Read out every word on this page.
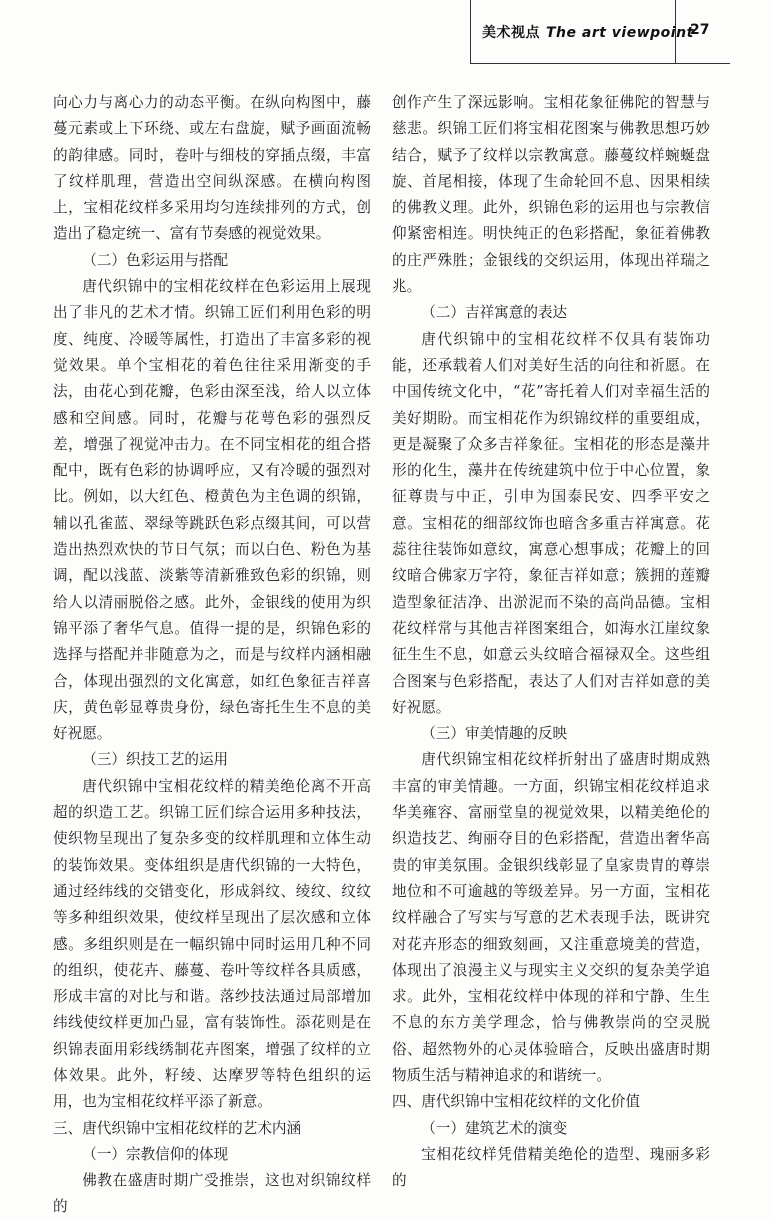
美术视点 The art viewpoint
27

向心力与离心力的动态平衡。在纵向构图中，藤蔓元素或上下环绕、或左右盘旋，赋予画面流畅的韵律感。同时，卷叶与细枝的穿插点缀，丰富了纹样肌理，营造出空间纵深感。在横向构图上，宝相花纹样多采用均匀连续排列的方式，创造出了稳定统一、富有节奏感的视觉效果。

（二）色彩运用与搭配

唐代织锦中的宝相花纹样在色彩运用上展现出了非凡的艺术才情。织锦工匠们利用色彩的明度、纯度、冷暖等属性，打造出了丰富多彩的视觉效果。单个宝相花的着色往往采用渐变的手法，由花心到花瓣，色彩由深至浅，给人以立体感和空间感。同时，花瓣与花萼色彩的强烈反差，增强了视觉冲击力。在不同宝相花的组合搭配中，既有色彩的协调呼应，又有冷暖的强烈对比。例如，以大红色、橙黄色为主色调的织锦，辅以孔雀蓝、翠绿等跳跃色彩点缀其间，可以营造出热烈欢快的节日气氛；而以白色、粉色为基调，配以浅蓝、淡紫等清新雅致色彩的织锦，则给人以清丽脱俗之感。此外，金银线的使用为织锦平添了奢华气息。值得一提的是，织锦色彩的选择与搭配并非随意为之，而是与纹样内涵相融合，体现出强烈的文化寓意，如红色象征吉祥喜庆，黄色彰显尊贵身份，绿色寄托生生不息的美好祝愿。

（三）织技工艺的运用

唐代织锦中宝相花纹样的精美绝伦离不开高超的织造工艺。织锦工匠们综合运用多种技法，使织物呈现出了复杂多变的纹样肌理和立体生动的装饰效果。变体组织是唐代织锦的一大特色，通过经纬线的交错变化，形成斜纹、绫纹、纹纹等多种组织效果，使纹样呈现出了层次感和立体感。多组织则是在一幅织锦中同时运用几种不同的组织，使花卉、藤蔓、卷叶等纹样各具质感，形成丰富的对比与和谐。落纱技法通过局部增加纬线使纹样更加凸显，富有装饰性。添花则是在织锦表面用彩线绣制花卉图案，增强了纹样的立体效果。此外，籽绫、达摩罗等特色组织的运用，也为宝相花纹样平添了新意。

三、唐代织锦中宝相花纹样的艺术内涵
（一）宗教信仰的体现

佛教在盛唐时期广受推崇，这也对织锦纹样的

创作产生了深远影响。宝相花象征佛陀的智慧与慈悲。织锦工匠们将宝相花图案与佛教思想巧妙结合，赋予了纹样以宗教寓意。藤蔓纹样蜿蜒盘旋、首尾相接，体现了生命轮回不息、因果相续的佛教义理。此外，织锦色彩的运用也与宗教信仰紧密相连。明快纯正的色彩搭配，象征着佛教的庄严殊胜；金银线的交织运用，体现出祥瑞之兆。

（二）吉祥寓意的表达

唐代织锦中的宝相花纹样不仅具有装饰功能，还承载着人们对美好生活的向往和祈愿。在中国传统文化中，“花”寄托着人们对幸福生活的美好期盼。而宝相花作为织锦纹样的重要组成，更是凝聚了众多吉祥象征。宝相花的形态是藻井形的化生，藻井在传统建筑中位于中心位置，象征尊贵与中正，引申为国泰民安、四季平安之意。宝相花的细部纹饰也暗含多重吉祥寓意。花蕊往往装饰如意纹，寓意心想事成；花瓣上的回纹暗合佛家万字符，象征吉祥如意；簇拥的莲瓣造型象征洁净、出淤泥而不染的高尚品德。宝相花纹样常与其他吉祥图案组合，如海水江崖纹象征生生不息，如意云头纹暗合福禄双全。这些组合图案与色彩搭配，表达了人们对吉祥如意的美好祝愿。

（三）审美情趣的反映

唐代织锦宝相花纹样折射出了盛唐时期成熟丰富的审美情趣。一方面，织锦宝相花纹样追求华美雍容、富丽堂皇的视觉效果，以精美绝伦的织造技艺、绚丽夺目的色彩搭配，营造出奢华高贵的审美氛围。金银织线彰显了皇家贵胄的尊崇地位和不可逾越的等级差异。另一方面，宝相花纹样融合了写实与写意的艺术表现手法，既讲究对花卉形态的细致刻画，又注重意境美的营造，体现出了浪漫主义与现实主义交织的复杂美学追求。此外，宝相花纹样中体现的祥和宁静、生生不息的东方美学理念，恰与佛教崇尚的空灵脱俗、超然物外的心灵体验暗合，反映出盛唐时期物质生活与精神追求的和谐统一。

四、唐代织锦中宝相花纹样的文化价值
（一）建筑艺术的演变

宝相花纹样凭借精美绝伦的造型、瑰丽多彩的
